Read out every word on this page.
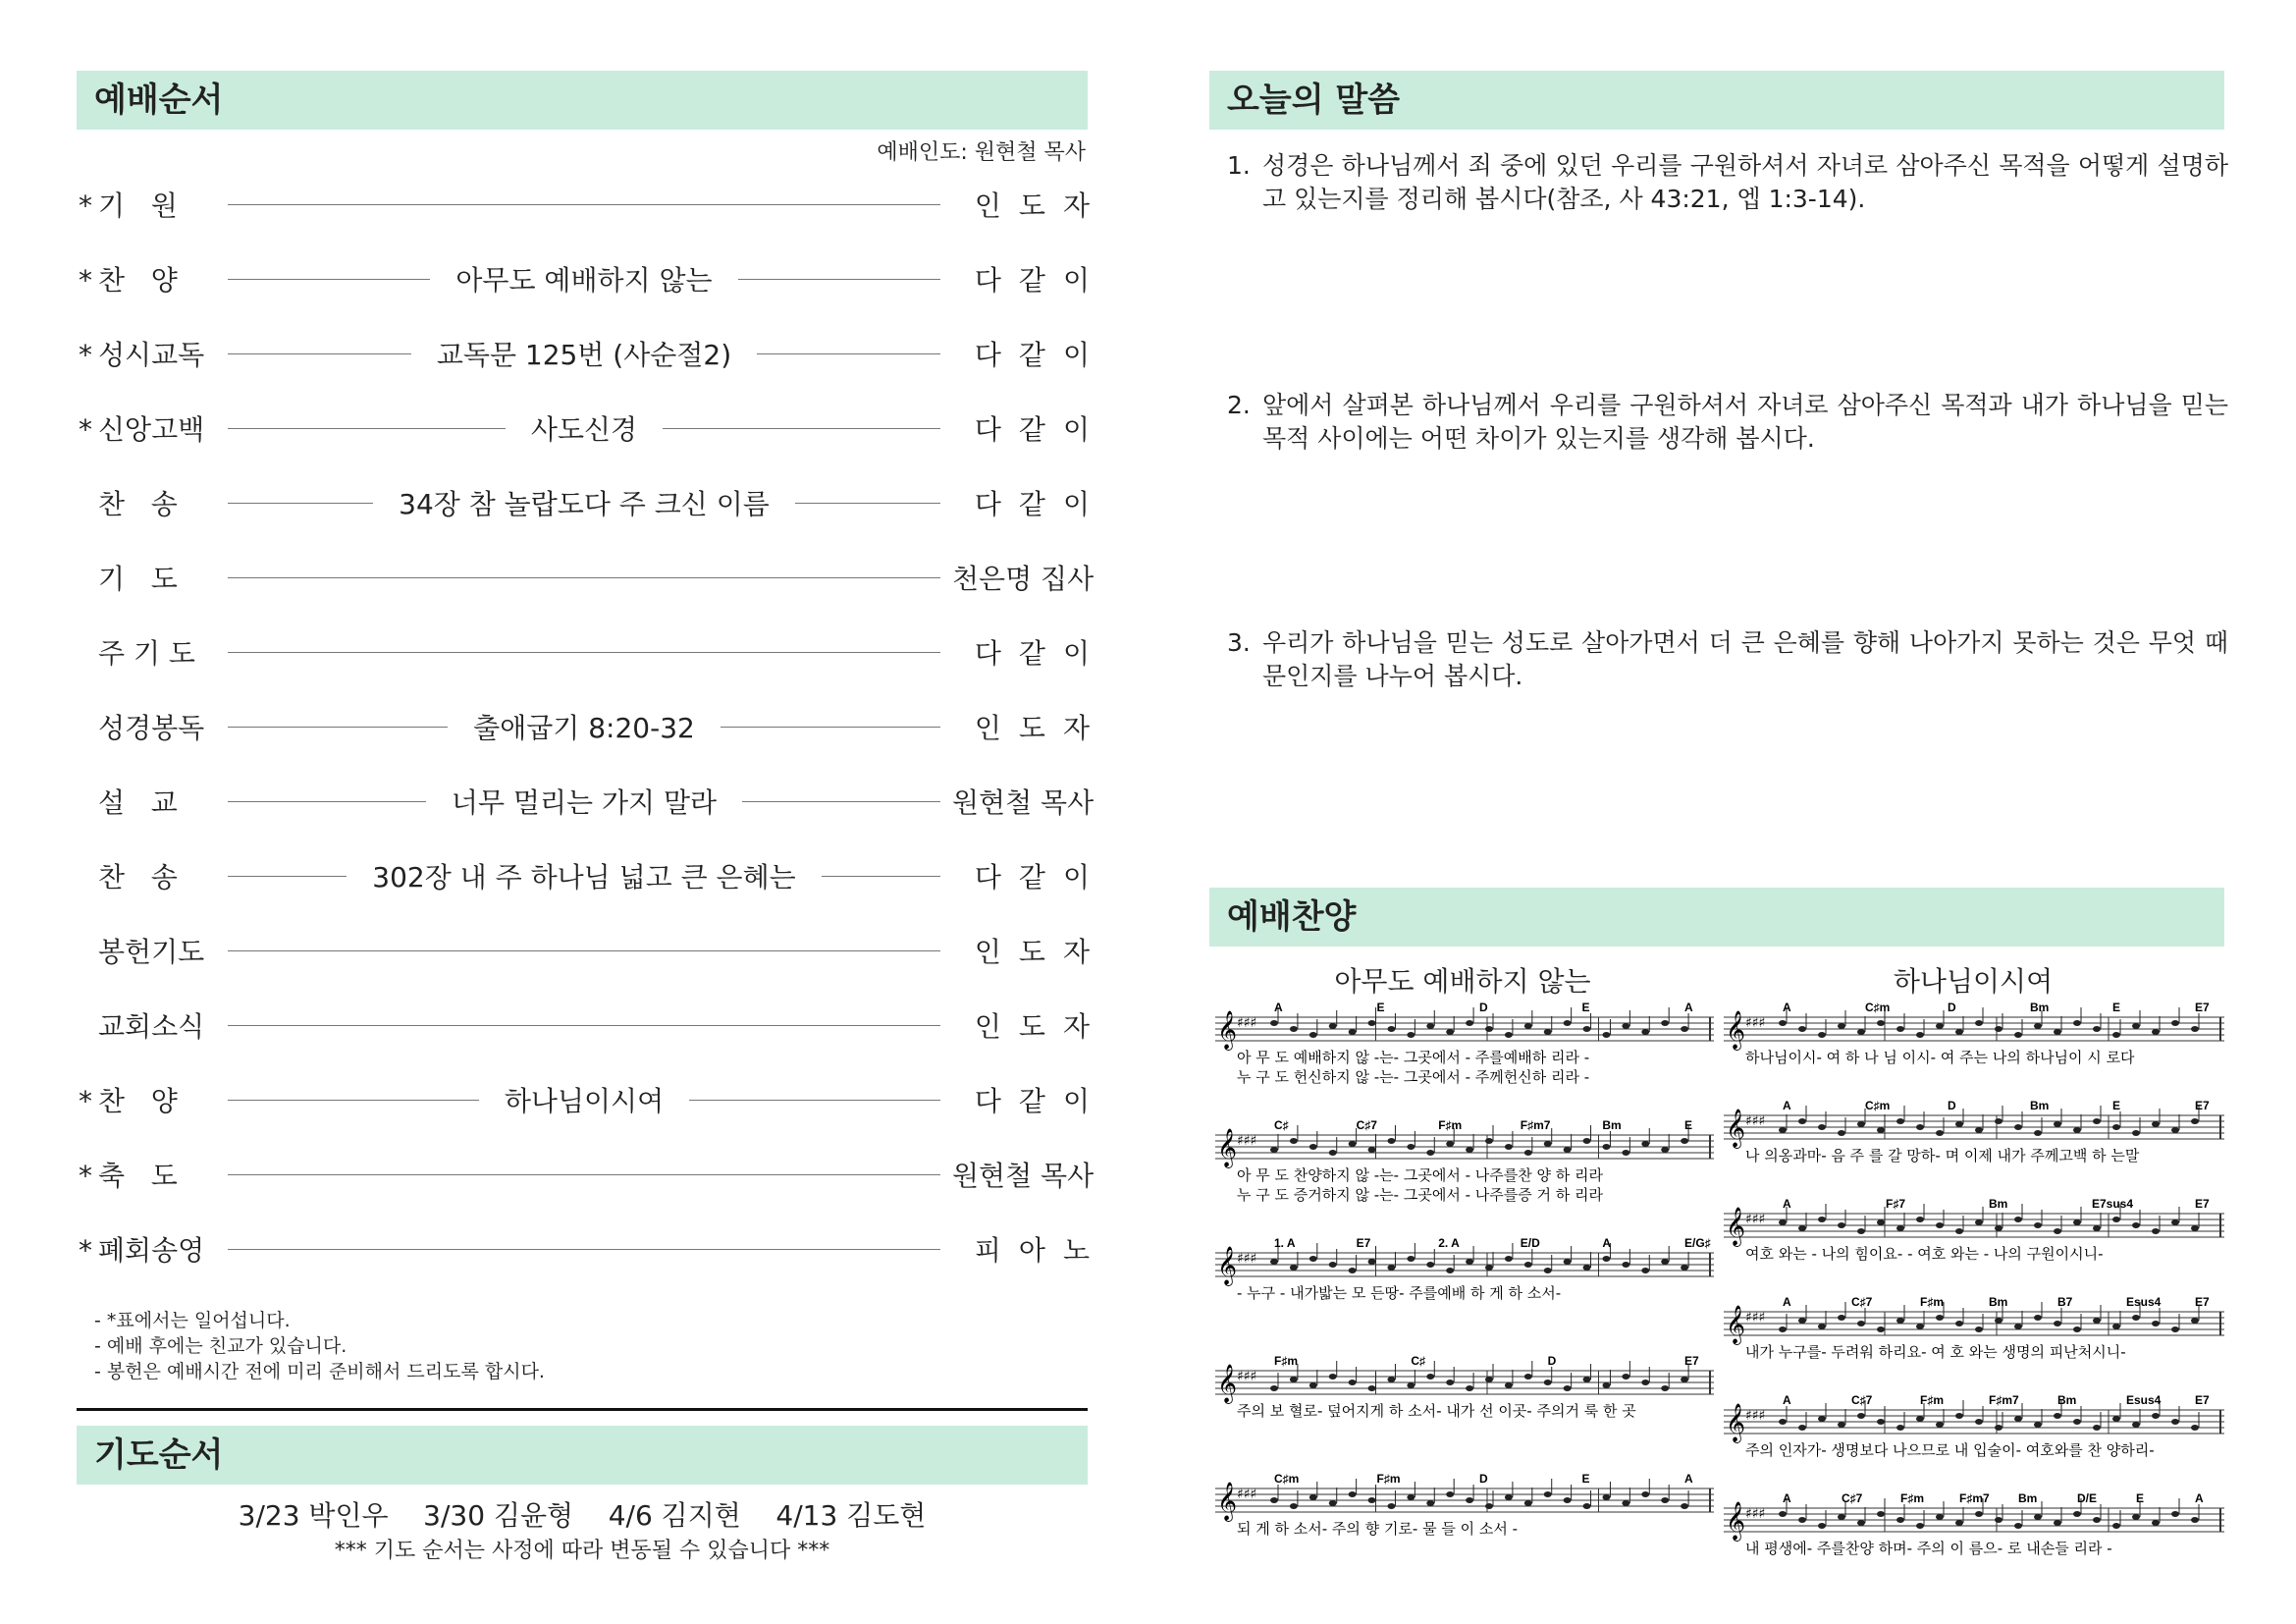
예배순서
예배인도: 원현철 목사
* 기   원	인도자
* 찬   양	아무도 예배하지 않는	다같이
* 성시교독	교독문 125번 (사순절2)	다같이
* 신앙고백	사도신경	다같이
찬   송	34장 참 놀랍도다 주 크신 이름	다같이
기   도	천은명 집사
주 기 도	다같이
성경봉독	출애굽기 8:20-32	인도자
설   교	너무 멀리는 가지 말라	원현철 목사
찬   송	302장 내 주 하나님 넓고 큰 은혜는	다같이
봉헌기도	인도자
교회소식	인도자
* 찬   양	하나님이시여	다같이
* 축   도	원현철 목사
* 폐회송영	피아노
- *표에서는 일어섭니다.
- 예배 후에는 친교가 있습니다.
- 봉헌은 예배시간 전에 미리 준비해서 드리도록 합시다.
기도순서
3/23 박인우    3/30 김윤형    4/6 김지현    4/13 김도현
*** 기도 순서는 사정에 따라 변동될 수 있습니다 ***
오늘의 말씀
1. 성경은 하나님께서 죄 중에 있던 우리를 구원하셔서 자녀로 삼아주신 목적을 어떻게 설명하고 있는지를 정리해 봅시다(참조, 사 43:21, 엡 1:3-14).
2. 앞에서 살펴본 하나님께서 우리를 구원하셔서 자녀로 삼아주신 목적과 내가 하나님을 믿는 목적 사이에는 어떤 차이가 있는지를 생각해 봅시다.
3. 우리가 하나님을 믿는 성도로 살아가면서 더 큰 은혜를 향해 나아가지 못하는 것은 무엇 때문인지를 나누어 봅시다.
예배찬양
아무도 예배하지 않는	하나님이시여
𝄞 ♯♯♯
A	E	D	E	A
아 무 도 예배하지 않 -는- 그곳에서 - 주를예배하 리라 -
누 구 도 헌신하지 않 -는- 그곳에서 - 주께헌신하 리라 -
𝄞 ♯♯♯
C♯	C♯7	F♯m	F♯m7	Bm	E
아 무 도 찬양하지 않 -는- 그곳에서 - 나주를찬 양 하 리라
누 구 도 증거하지 않 -는- 그곳에서 - 나주를증 거 하 리라
𝄞 ♯♯♯
1. A	E7	2. A	E/D	A	E/G♯
- 누구 - 내가밟는 모 든땅- 주를예배 하 게 하 소서-
𝄞 ♯♯♯
F♯m	C♯	D	E7
주의 보 혈로- 덮어지게 하 소서- 내가 선 이곳- 주의거 룩 한 곳
𝄞 ♯♯♯
C♯m	F♯m	D	E	A
되 게 하 소서- 주의 향 기로- 물 들 이 소서 -
𝄞 ♯♯♯
A	C♯m	D	Bm	E	E7
하나님이시- 여 하 나 님 이시- 여 주는 나의 하나님이 시 로다
𝄞 ♯♯♯
A	C♯m	D	Bm	E	E7
나 의옹과마- 음 주 를 갈 망하- 며 이제 내가 주께고백 하 는말
𝄞 ♯♯♯
A	F♯7	Bm	E7sus4	E7
여호 와는 - 나의 힘이요- - 여호 와는 - 나의 구원이시니-
𝄞 ♯♯♯
A	C♯7	F♯m	Bm	B7	Esus4	E7
내가 누구를- 두려워 하리요- 여 호 와는 생명의 피난처시니-
𝄞 ♯♯♯
A	C♯7	F♯m	F♯m7	Bm	Esus4	E7
주의 인자가- 생명보다 나으므로 내 입술이- 여호와를 찬 양하리-
𝄞 ♯♯♯
A	C♯7	F♯m	F♯m7 Bm	D/E	E	A
내 평생에- 주를찬양 하며- 주의 이 름으- 로 내손들 리라 -
